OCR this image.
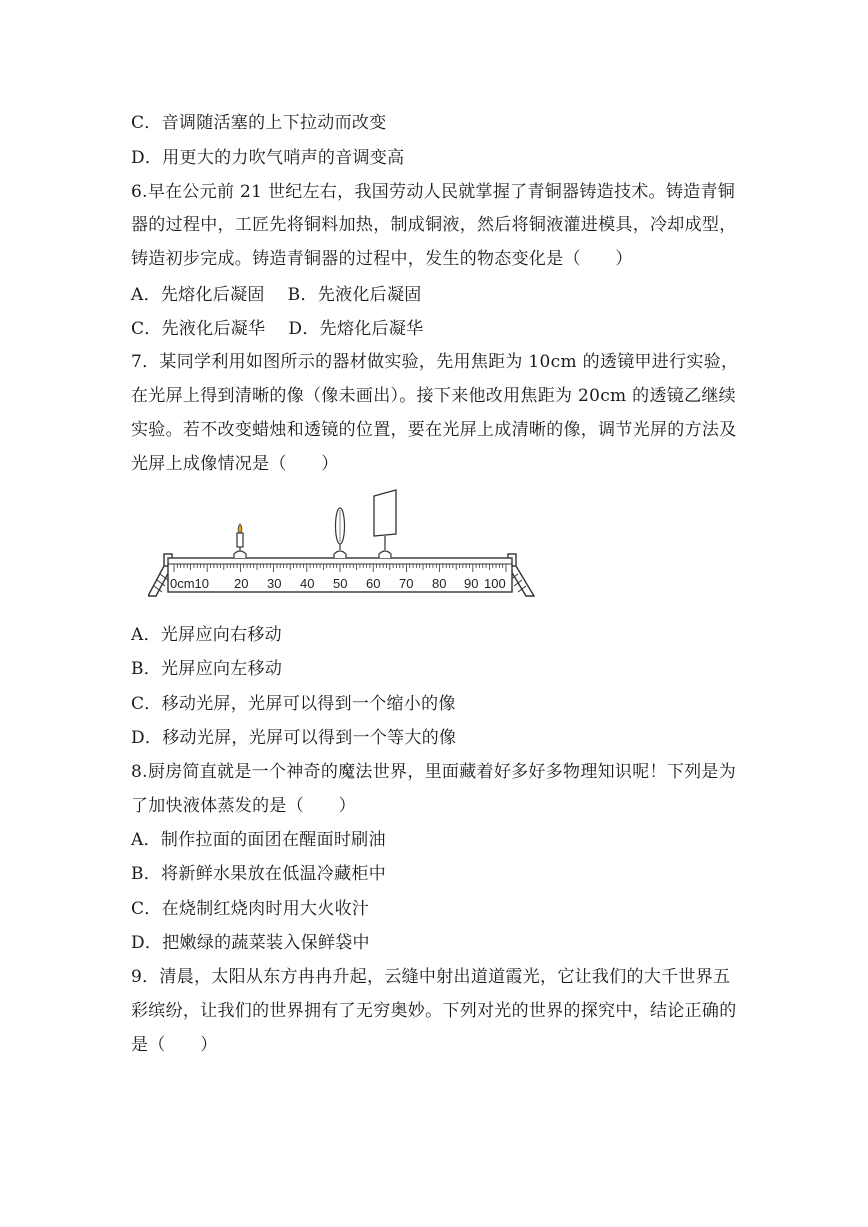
C．音调随活塞的上下拉动而改变
D．用更大的力吹气哨声的音调变高
6.早在公元前 21 世纪左右，我国劳动人民就掌握了青铜器铸造技术。铸造青铜
器的过程中，工匠先将铜料加热，制成铜液，然后将铜液灌进模具，冷却成型，
铸造初步完成。铸造青铜器的过程中，发生的物态变化是（　　）
A．先熔化后凝固　 B．先液化后凝固
C．先液化后凝华　 D．先熔化后凝华
7．某同学利用如图所示的器材做实验，先用焦距为 10cm 的透镜甲进行实验，
在光屏上得到清晰的像（像未画出）。接下来他改用焦距为 20cm 的透镜乙继续
实验。若不改变蜡烛和透镜的位置，要在光屏上成清晰的像，调节光屏的方法及
光屏上成像情况是（　　）
0cm10 20 30 40 50 60 70 80 90 100
A．光屏应向右移动
B．光屏应向左移动
C．移动光屏，光屏可以得到一个缩小的像
D．移动光屏，光屏可以得到一个等大的像
8.厨房简直就是一个神奇的魔法世界，里面藏着好多好多物理知识呢！下列是为
了加快液体蒸发的是（　　）
A．制作拉面的面团在醒面时刷油
B．将新鲜水果放在低温冷藏柜中
C．在烧制红烧肉时用大火收汁
D．把嫩绿的蔬菜装入保鲜袋中
9．清晨，太阳从东方冉冉升起，云缝中射出道道霞光，它让我们的大千世界五
彩缤纷，让我们的世界拥有了无穷奥妙。下列对光的世界的探究中，结论正确的
是（　　）
